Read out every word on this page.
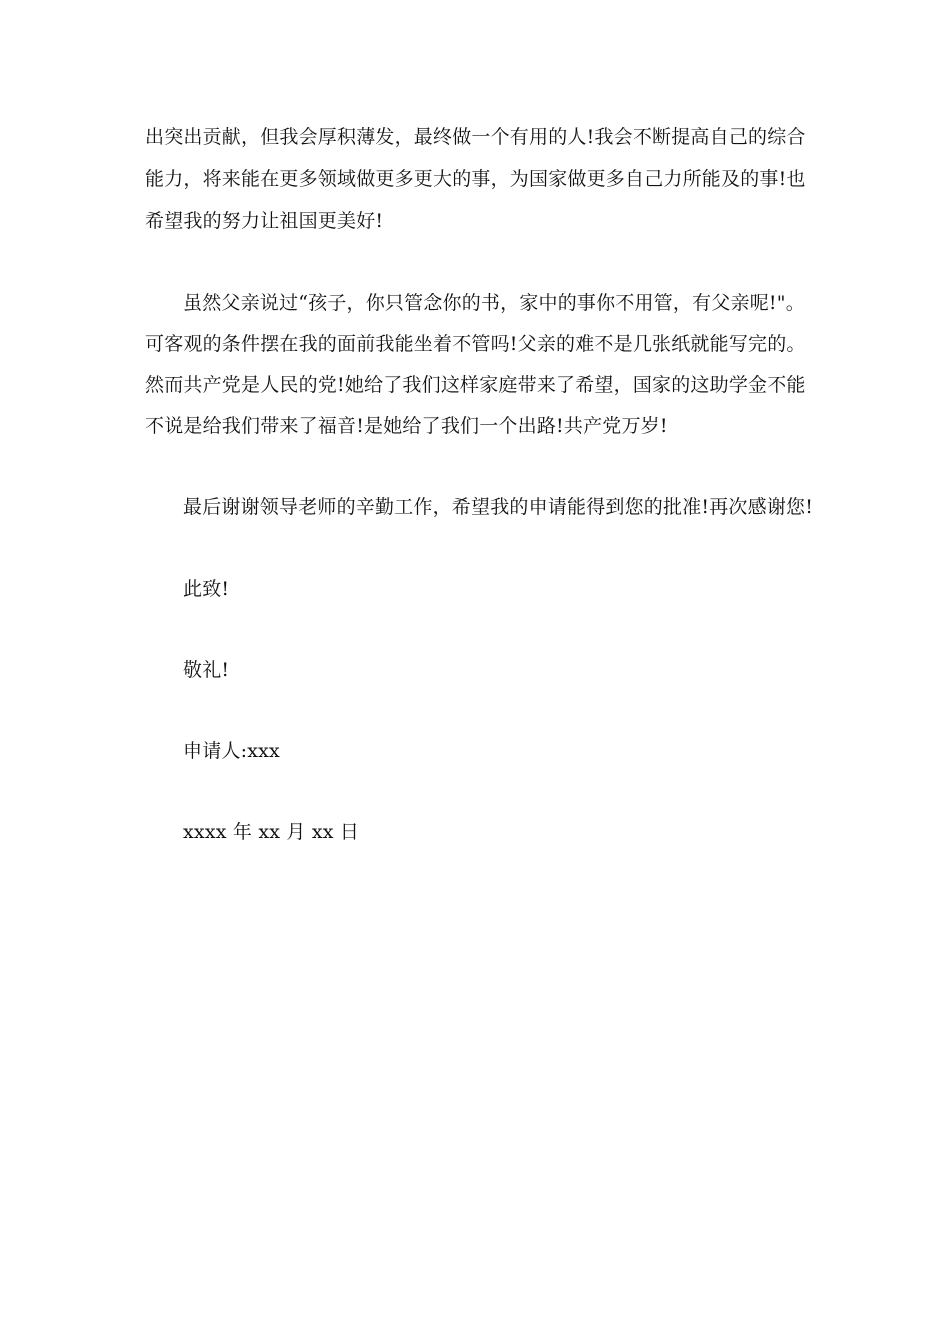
出突出贡献，但我会厚积薄发，最终做一个有用的人!我会不断提高自己的综合
能力，将来能在更多领域做更多更大的事，为国家做更多自己力所能及的事!也
希望我的努力让祖国更美好!
虽然父亲说过“孩子，你只管念你的书，家中的事你不用管，有父亲呢!"。
可客观的条件摆在我的面前我能坐着不管吗!父亲的难不是几张纸就能写完的。
然而共产党是人民的党!她给了我们这样家庭带来了希望，国家的这助学金不能
不说是给我们带来了福音!是她给了我们一个出路!共产党万岁!
最后谢谢领导老师的辛勤工作，希望我的申请能得到您的批准!再次感谢您!
此致!
敬礼!
申请人:xxx
xxxx 年 xx 月 xx 日
